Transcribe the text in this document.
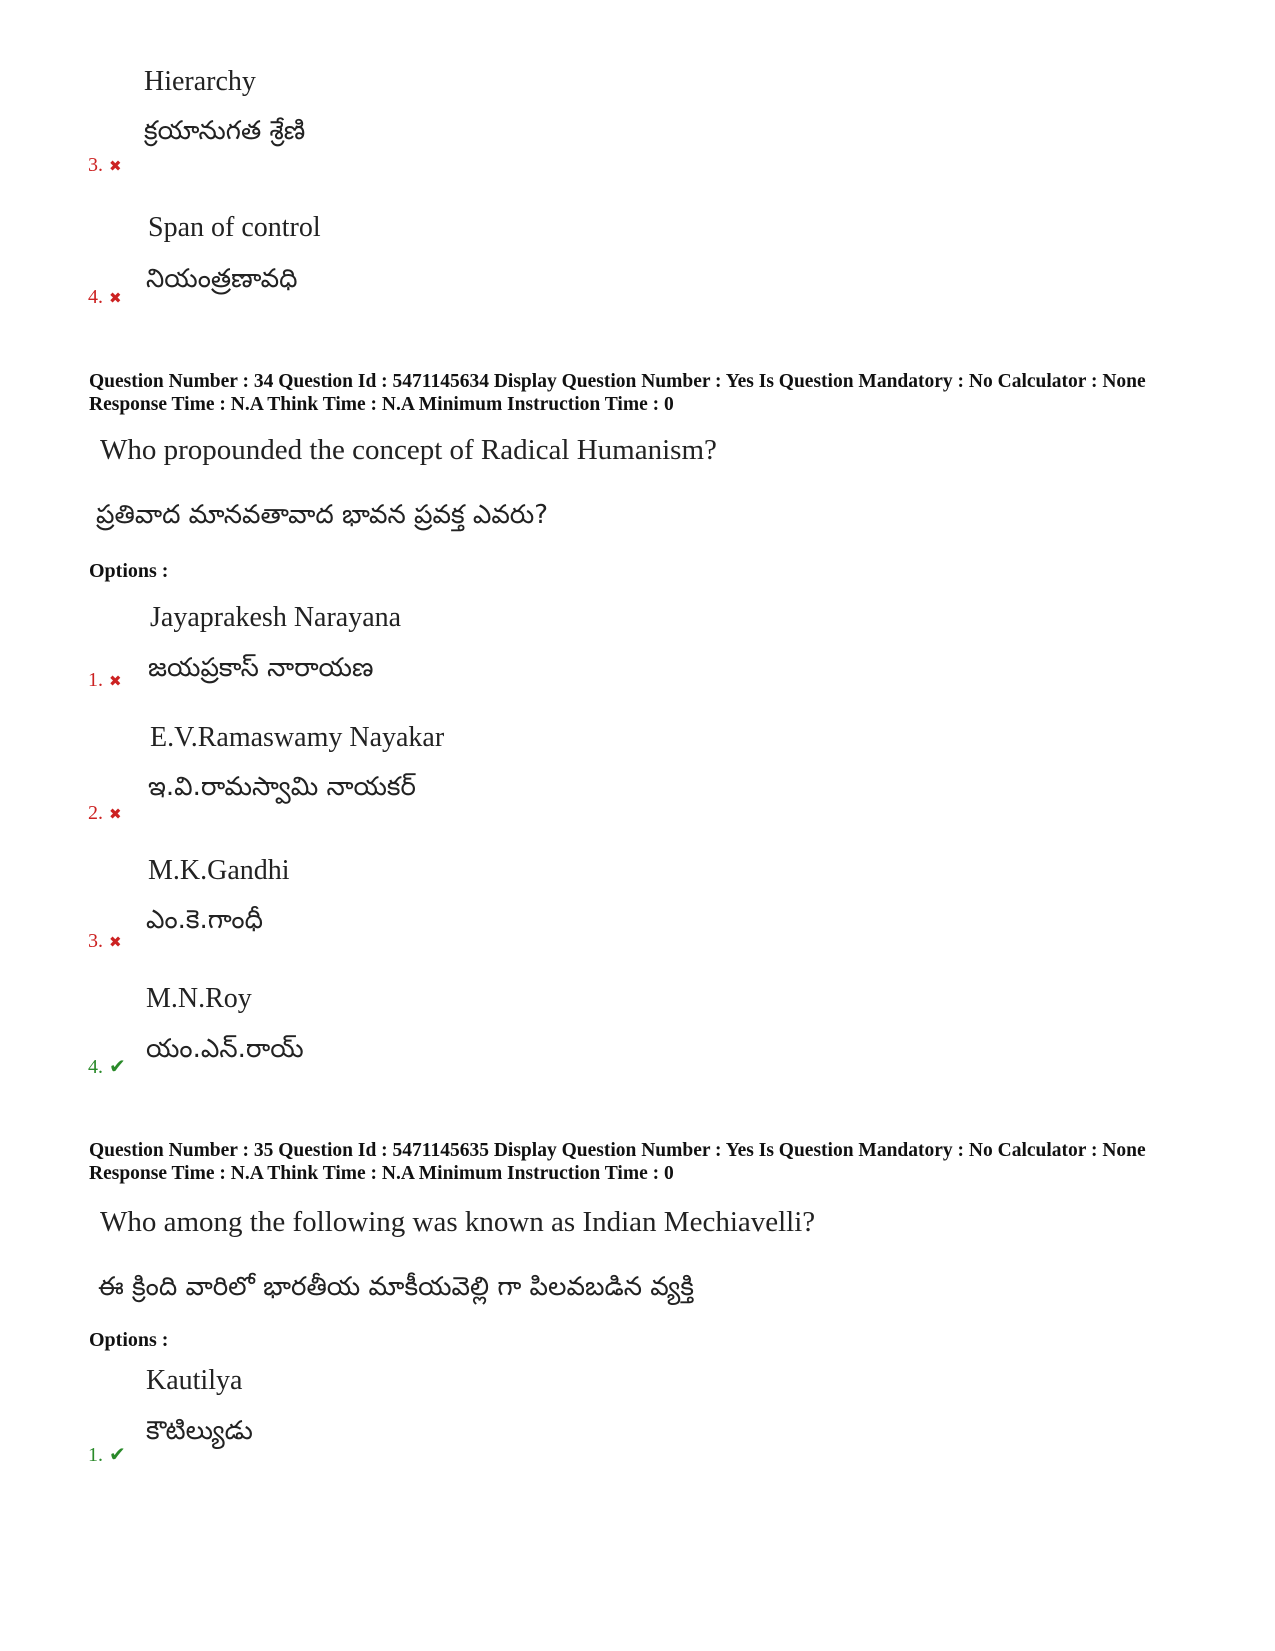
Hierarchy
క్రయానుగత శ్రేణి
3. ✖
Span of control
నియంత్రణావధి
4. ✖
Question Number : 34 Question Id : 5471145634 Display Question Number : Yes Is Question Mandatory : No Calculator : None Response Time : N.A Think Time : N.A Minimum Instruction Time : 0
Who propounded the concept of Radical Humanism?
ప్రతివాద మానవతావాద భావన ప్రవక్త ఎవరు?
Options :
Jayaprakesh Narayana
జయప్రకాస్ నారాయణ
1. ✖
E.V.Ramaswamy Nayakar
ఇ.వి.రామస్వామి నాయకర్
2. ✖
M.K.Gandhi
ఎం.కె.గాంధీ
3. ✖
M.N.Roy
యం.ఎన్.రాయ్
4. ✔
Question Number : 35 Question Id : 5471145635 Display Question Number : Yes Is Question Mandatory : No Calculator : None Response Time : N.A Think Time : N.A Minimum Instruction Time : 0
Who among the following was known as Indian Mechiavelli?
ఈ క్రింది వారిలో భారతీయ మాకీయవెల్లి గా పిలవబడిన వ్యక్తి
Options :
Kautilya
కౌటిల్యుడు
1. ✔
